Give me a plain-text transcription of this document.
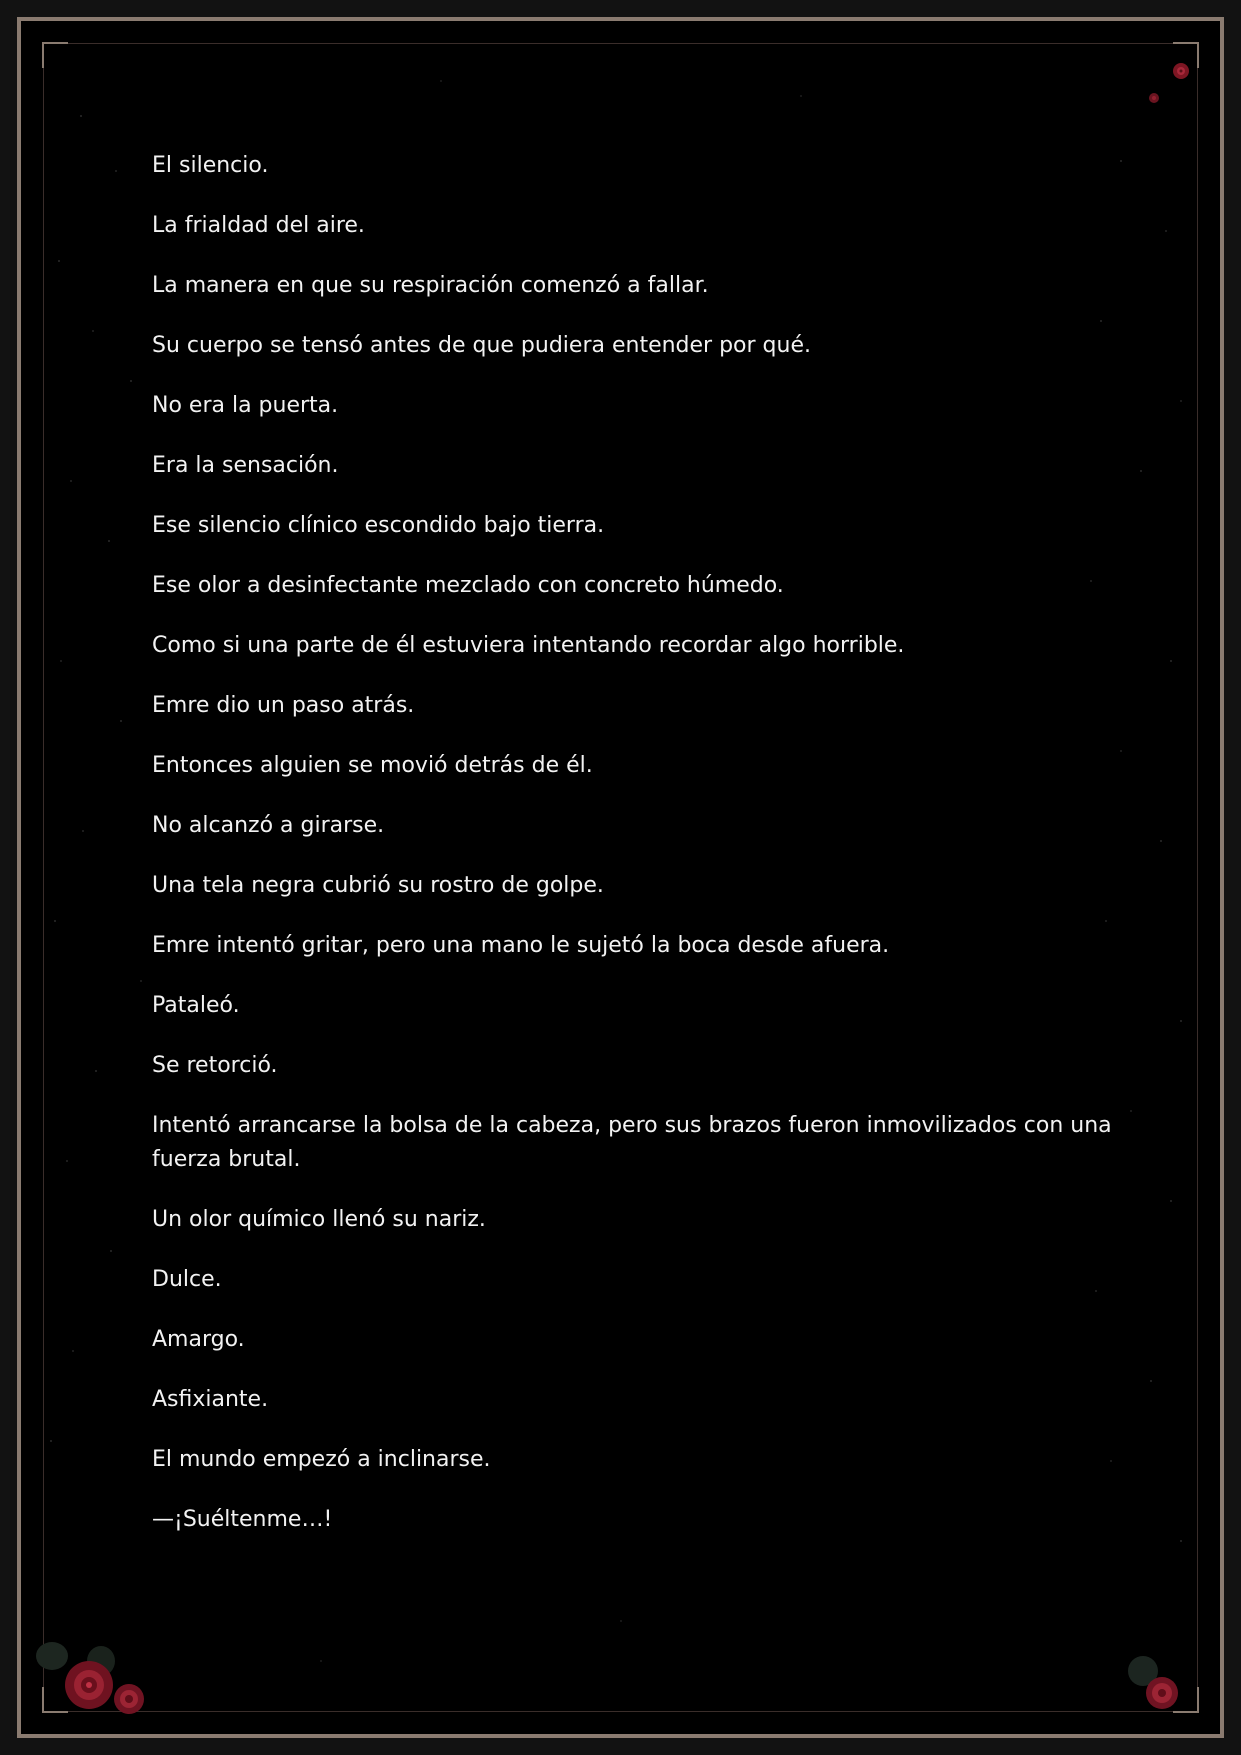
El silencio.

La frialdad del aire.

La manera en que su respiración comenzó a fallar.

Su cuerpo se tensó antes de que pudiera entender por qué.

No era la puerta.

Era la sensación.

Ese silencio clínico escondido bajo tierra.

Ese olor a desinfectante mezclado con concreto húmedo.

Como si una parte de él estuviera intentando recordar algo horrible.

Emre dio un paso atrás.

Entonces alguien se movió detrás de él.

No alcanzó a girarse.

Una tela negra cubrió su rostro de golpe.

Emre intentó gritar, pero una mano le sujetó la boca desde afuera.

Pataleó.

Se retorció.

Intentó arrancarse la bolsa de la cabeza, pero sus brazos fueron inmovilizados con una fuerza brutal.

Un olor químico llenó su nariz.

Dulce.

Amargo.

Asfixiante.

El mundo empezó a inclinarse.

—¡Suéltenme…!
